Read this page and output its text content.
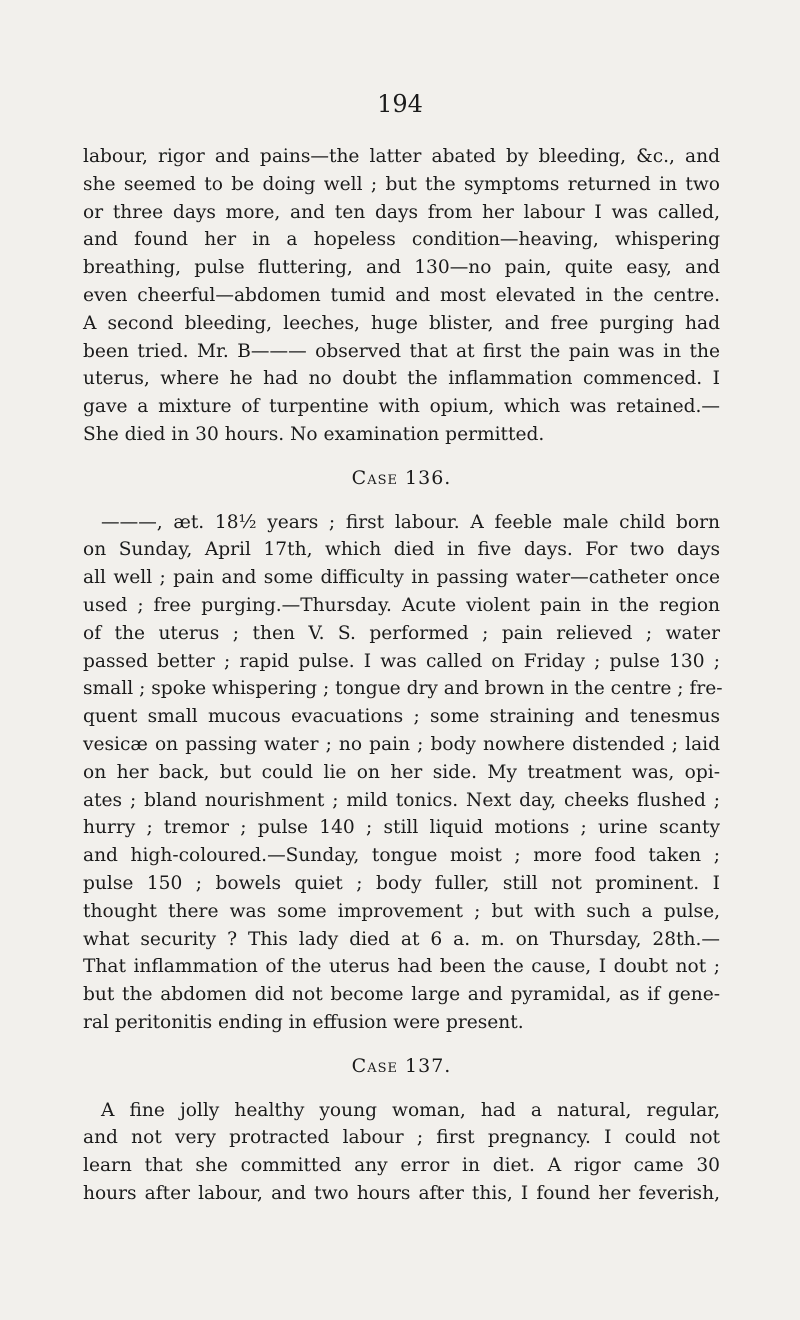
194
labour, rigor and pains—the latter abated by bleeding, &c., and
she seemed to be doing well ; but the symptoms returned in two
or three days more, and ten days from her labour I was called,
and found her in a hopeless condition—heaving, whispering
breathing, pulse fluttering, and 130—no pain, quite easy, and
even cheerful—abdomen tumid and most elevated in the centre.
A second bleeding, leeches, huge blister, and free purging had
been tried. Mr. B——— observed that at first the pain was in the
uterus, where he had no doubt the inflammation commenced. I
gave a mixture of turpentine with opium, which was retained.—
She died in 30 hours. No examination permitted.
Case 136.
———, æt. 18½ years ; first labour. A feeble male child born
on Sunday, April 17th, which died in five days. For two days
all well ; pain and some difficulty in passing water—catheter once
used ; free purging.—Thursday. Acute violent pain in the region
of the uterus ; then V. S. performed ; pain relieved ; water
passed better ; rapid pulse. I was called on Friday ; pulse 130 ;
small ; spoke whispering ; tongue dry and brown in the centre ; fre-
quent small mucous evacuations ; some straining and tenesmus
vesicæ on passing water ; no pain ; body nowhere distended ; laid
on her back, but could lie on her side. My treatment was, opi-
ates ; bland nourishment ; mild tonics. Next day, cheeks flushed ;
hurry ; tremor ; pulse 140 ; still liquid motions ; urine scanty
and high-coloured.—Sunday, tongue moist ; more food taken ;
pulse 150 ; bowels quiet ; body fuller, still not prominent. I
thought there was some improvement ; but with such a pulse,
what security ? This lady died at 6 a. m. on Thursday, 28th.—
That inflammation of the uterus had been the cause, I doubt not ;
but the abdomen did not become large and pyramidal, as if gene-
ral peritonitis ending in effusion were present.
Case 137.
A fine jolly healthy young woman, had a natural, regular,
and not very protracted labour ; first pregnancy. I could not
learn that she committed any error in diet. A rigor came 30
hours after labour, and two hours after this, I found her feverish,
